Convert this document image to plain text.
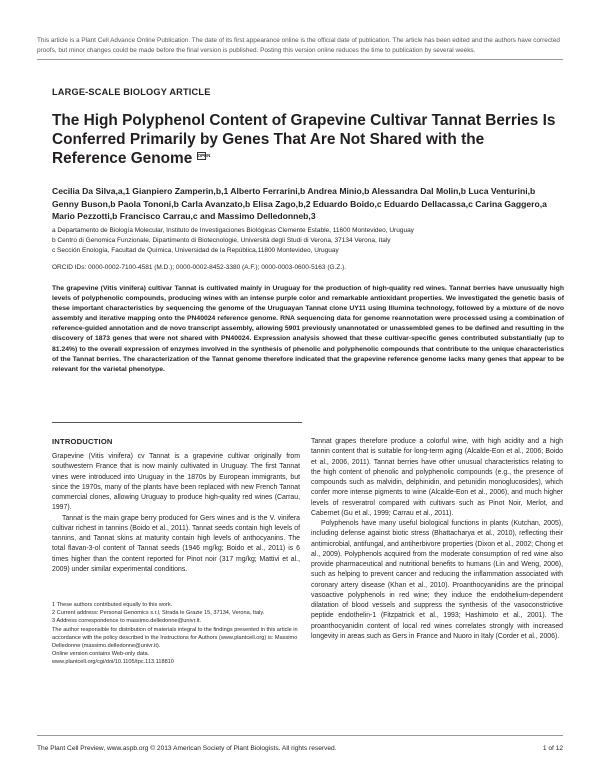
This article is a Plant Cell Advance Online Publication. The date of its first appearance online is the official date of publication. The article has been edited and the authors have corrected proofs, but minor changes could be made before the final version is published. Posting this version online reduces the time to publication by several weeks.
LARGE-SCALE BIOLOGY ARTICLE
The High Polyphenol Content of Grapevine Cultivar Tannat Berries Is Conferred Primarily by Genes That Are Not Shared with the Reference Genome OPEN
Cecilia Da Silva,a,1 Gianpiero Zamperin,b,1 Alberto Ferrarini,b Andrea Minio,b Alessandra Dal Molin,b Luca Venturini,b Genny Buson,b Paola Tononi,b Carla Avanzato,b Elisa Zago,b,2 Eduardo Boido,c Eduardo Dellacassa,c Carina Gaggero,a Mario Pezzotti,b Francisco Carrau,c and Massimo Delledonneb,3
a Departamento de Biología Molecular, Instituto de Investigaciones Biológicas Clemente Estable, 11600 Montevideo, Uruguay
b Centro di Genomica Funzionale, Dipartimento di Biotecnologie, Università degli Studi di Verona, 37134 Verona, Italy
c Sección Enología, Facultad de Química, Universidad de la República,11800 Montevideo, Uruguay
ORCID IDs: 0000-0002-7100-4581 (M.D.); 0000-0002-8452-3380 (A.F.); 0000-0003-0600-5163 (G.Z.).
The grapevine (Vitis vinifera) cultivar Tannat is cultivated mainly in Uruguay for the production of high-quality red wines. Tannat berries have unusually high levels of polyphenolic compounds, producing wines with an intense purple color and remarkable antioxidant properties. We investigated the genetic basis of these important characteristics by sequencing the genome of the Uruguayan Tannat clone UY11 using Illumina technology, followed by a mixture of de novo assembly and iterative mapping onto the PN40024 reference genome. RNA sequencing data for genome reannotation were processed using a combination of reference-guided annotation and de novo transcript assembly, allowing 5901 previously unannotated or unassembled genes to be defined and resulting in the discovery of 1873 genes that were not shared with PN40024. Expression analysis showed that these cultivar-specific genes contributed substantially (up to 81.24%) to the overall expression of enzymes involved in the synthesis of phenolic and polyphenolic compounds that contribute to the unique characteristics of the Tannat berries. The characterization of the Tannat genome therefore indicated that the grapevine reference genome lacks many genes that appear to be relevant for the varietal phenotype.
INTRODUCTION

Grapevine (Vitis vinifera) cv Tannat is a grapevine cultivar originally from southwestern France that is now mainly cultivated in Uruguay. The first Tannat vines were introduced into Uruguay in the 1870s by European immigrants, but since the 1970s, many of the plants have been replaced with new French Tannat commercial clones, allowing Uruguay to produce high-quality red wines (Carrau, 1997).

Tannat is the main grape berry produced for Gers wines and is the V. vinifera cultivar richest in tannins (Boido et al., 2011). Tannat seeds contain high levels of tannins, and Tannat skins at maturity contain high levels of anthocyanins. The total flavan-3-ol content of Tannat seeds (1946 mg/kg; Boido et al., 2011) is 6 times higher than the content reported for Pinot noir (317 mg/kg; Mattivi et al., 2009) under similar experimental conditions.

Tannat grapes therefore produce a colorful wine, with high acidity and a high tannin content that is suitable for long-term aging (Alcalde-Eon et al., 2006; Boido et al., 2006, 2011). Tannat berries have other unusual characteristics relating to the high content of phenolic and polyphenolic compounds (e.g., the presence of compounds such as malvidin, delphinidin, and petunidin monoglucosides), which confer more intense pigments to wine (Alcalde-Eon et al., 2006), and much higher levels of resveratrol compared with cultivars such as Pinot Noir, Merlot, and Cabernet (Gu et al., 1999; Carrau et al., 2011).

Polyphenols have many useful biological functions in plants (Kutchan, 2005), including defense against biotic stress (Bhattacharya et al., 2010), reflecting their antimicrobial, antifungal, and antiherbivore properties (Dixon et al., 2002; Chong et al., 2009). Polyphenols acquired from the moderate consumption of red wine also provide pharmaceutical and nutritional benefits to humans (Lin and Weng, 2006), such as helping to prevent cancer and reducing the inflammation associated with coronary artery disease (Khan et al., 2010). Proanthocyanidins are the principal vasoactive polyphenols in red wine; they induce the endothelium-dependent dilatation of blood vessels and suppress the synthesis of the vasoconstrictive peptide endothelin-1 (Fitzpatrick et al., 1993; Hashimoto et al., 2001). The proanthocyanidin content of local red wines correlates strongly with increased longevity in areas such as Gers in France and Nuoro in Italy (Corder et al., 2006).

1 These authors contributed equally to this work.
2 Current address: Personal Genomics s.r.l, Strada le Grazie 15, 37134, Verona, Italy.
3 Address correspondence to massimo.delledonne@univr.it.
The author responsible for distribution of materials integral to the findings presented in this article in accordance with the policy described in the Instructions for Authors (www.plantcell.org) is: Massimo Delledonne (massimo.delledonne@univr.it).
Online version contains Web-only data.
www.plantcell.org/cgi/doi/10.1105/tpc.113.118810
The Plant Cell Preview, www.aspb.org © 2013 American Society of Plant Biologists. All rights reserved.	1 of 12
